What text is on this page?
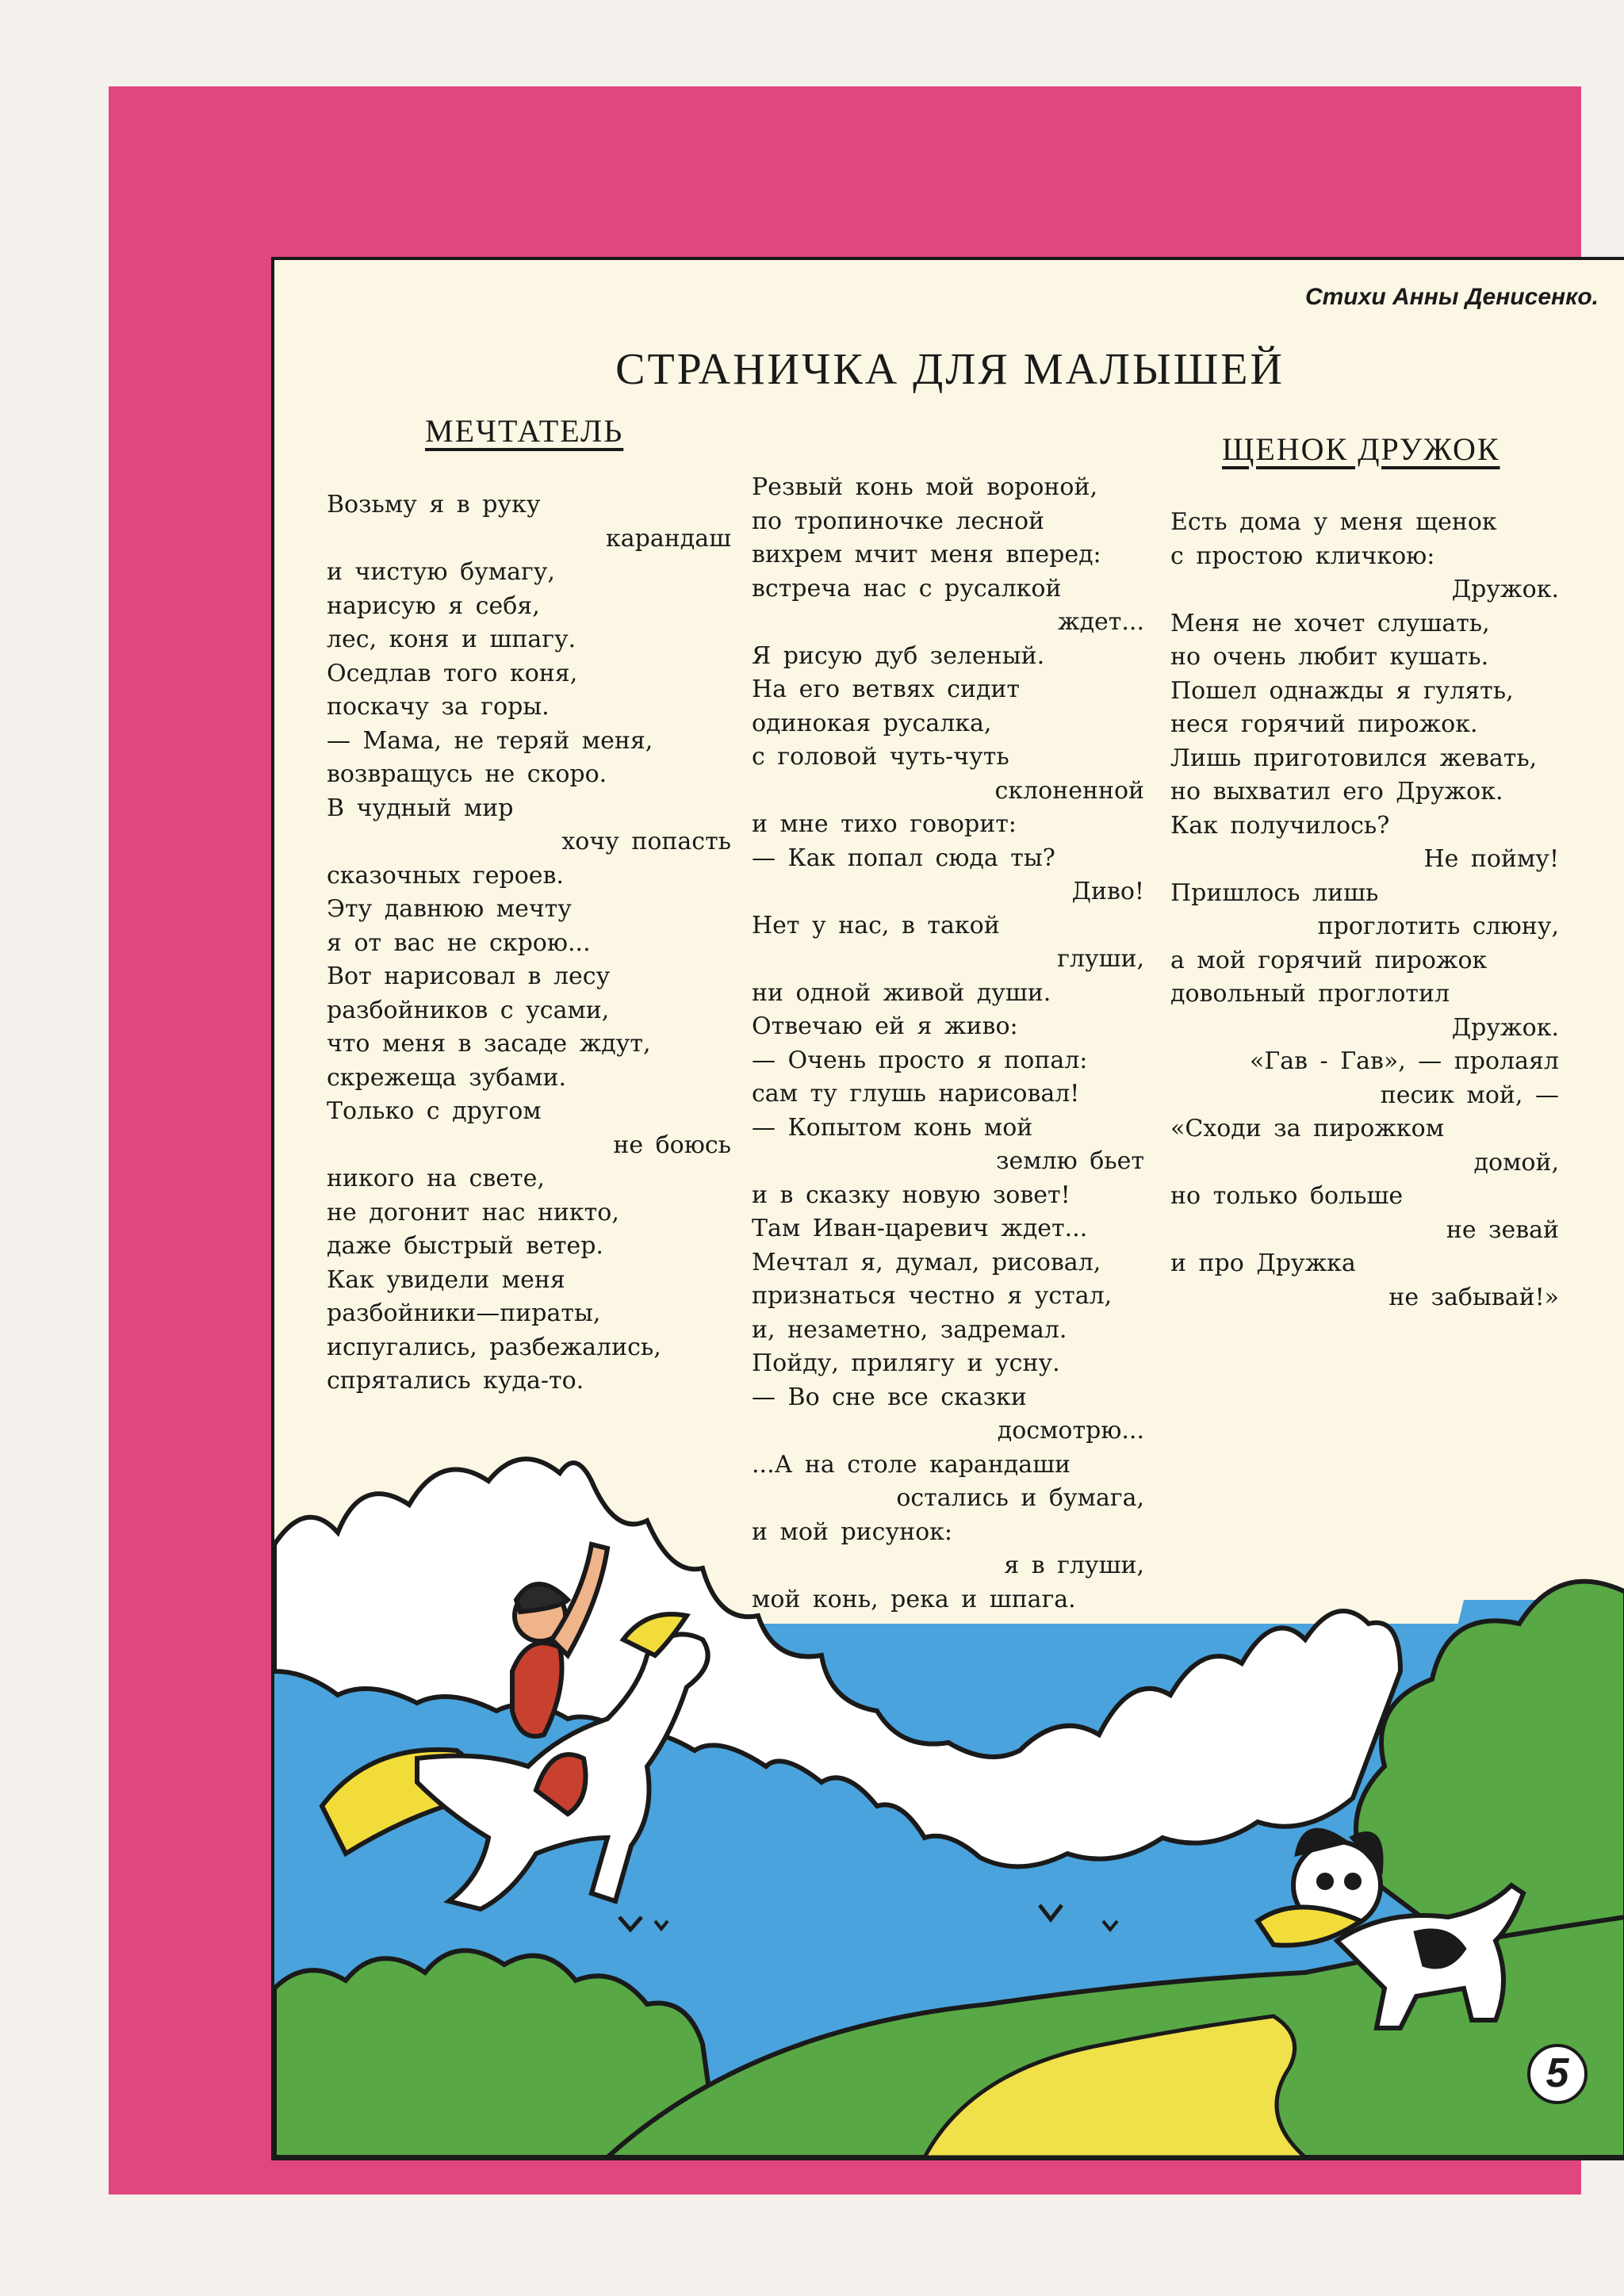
Стихи Анны Денисенко.
СТРАНИЧКА ДЛЯ МАЛЫШЕЙ
МЕЧТАТЕЛЬ
ЩЕНОК ДРУЖОК
Возьму я в руку
карандаш
и чистую бумагу,
нарисую я себя,
лес, коня и шпагу.
Оседлав того коня,
поскачу за горы.
— Мама, не теряй меня,
возвращусь не скоро.
В чудный мир
хочу попасть
сказочных героев.
Эту давнюю мечту
я от вас не скрою...
Вот нарисовал в лесу
разбойников с усами,
что меня в засаде ждут,
скрежеща зубами.
Только с другом
не боюсь
никого на свете,
не догонит нас никто,
даже быстрый ветер.
Как увидели меня
разбойники—пираты,
испугались, разбежались,
спрятались куда-то.
Резвый конь мой вороной,
по тропиночке лесной
вихрем мчит меня вперед:
встреча нас с русалкой
ждет...
Я рисую дуб зеленый.
На его ветвях сидит
одинокая русалка,
с головой чуть-чуть
склоненной
и мне тихо говорит:
— Как попал сюда ты?
Диво!
Нет у нас, в такой
глуши,
ни одной живой души.
Отвечаю ей я живо:
— Очень просто я попал:
сам ту глушь нарисовал!
— Копытом конь мой
землю бьет
и в сказку новую зовет!
Там Иван-царевич ждет...
Мечтал я, думал, рисовал,
признаться честно я устал,
и, незаметно, задремал.
Пойду, прилягу и усну.
— Во сне все сказки
досмотрю...
...А на столе карандаши
остались и бумага,
и мой рисунок:
я в глуши,
мой конь, река и шпага.
Есть дома у меня щенок
с простою кличкою:
Дружок.
Меня не хочет слушать,
но очень любит кушать.
Пошел однажды я гулять,
неся горячий пирожок.
Лишь приготовился жевать,
но выхватил его Дружок.
Как получилось?
Не пойму!
Пришлось лишь
проглотить слюну,
а мой горячий пирожок
довольный проглотил
Дружок.
«Гав - Гав», — пролаял
песик мой, —
«Сходи за пирожком
домой,
но только больше
не зевай
и про Дружка
не забывай!»
5
